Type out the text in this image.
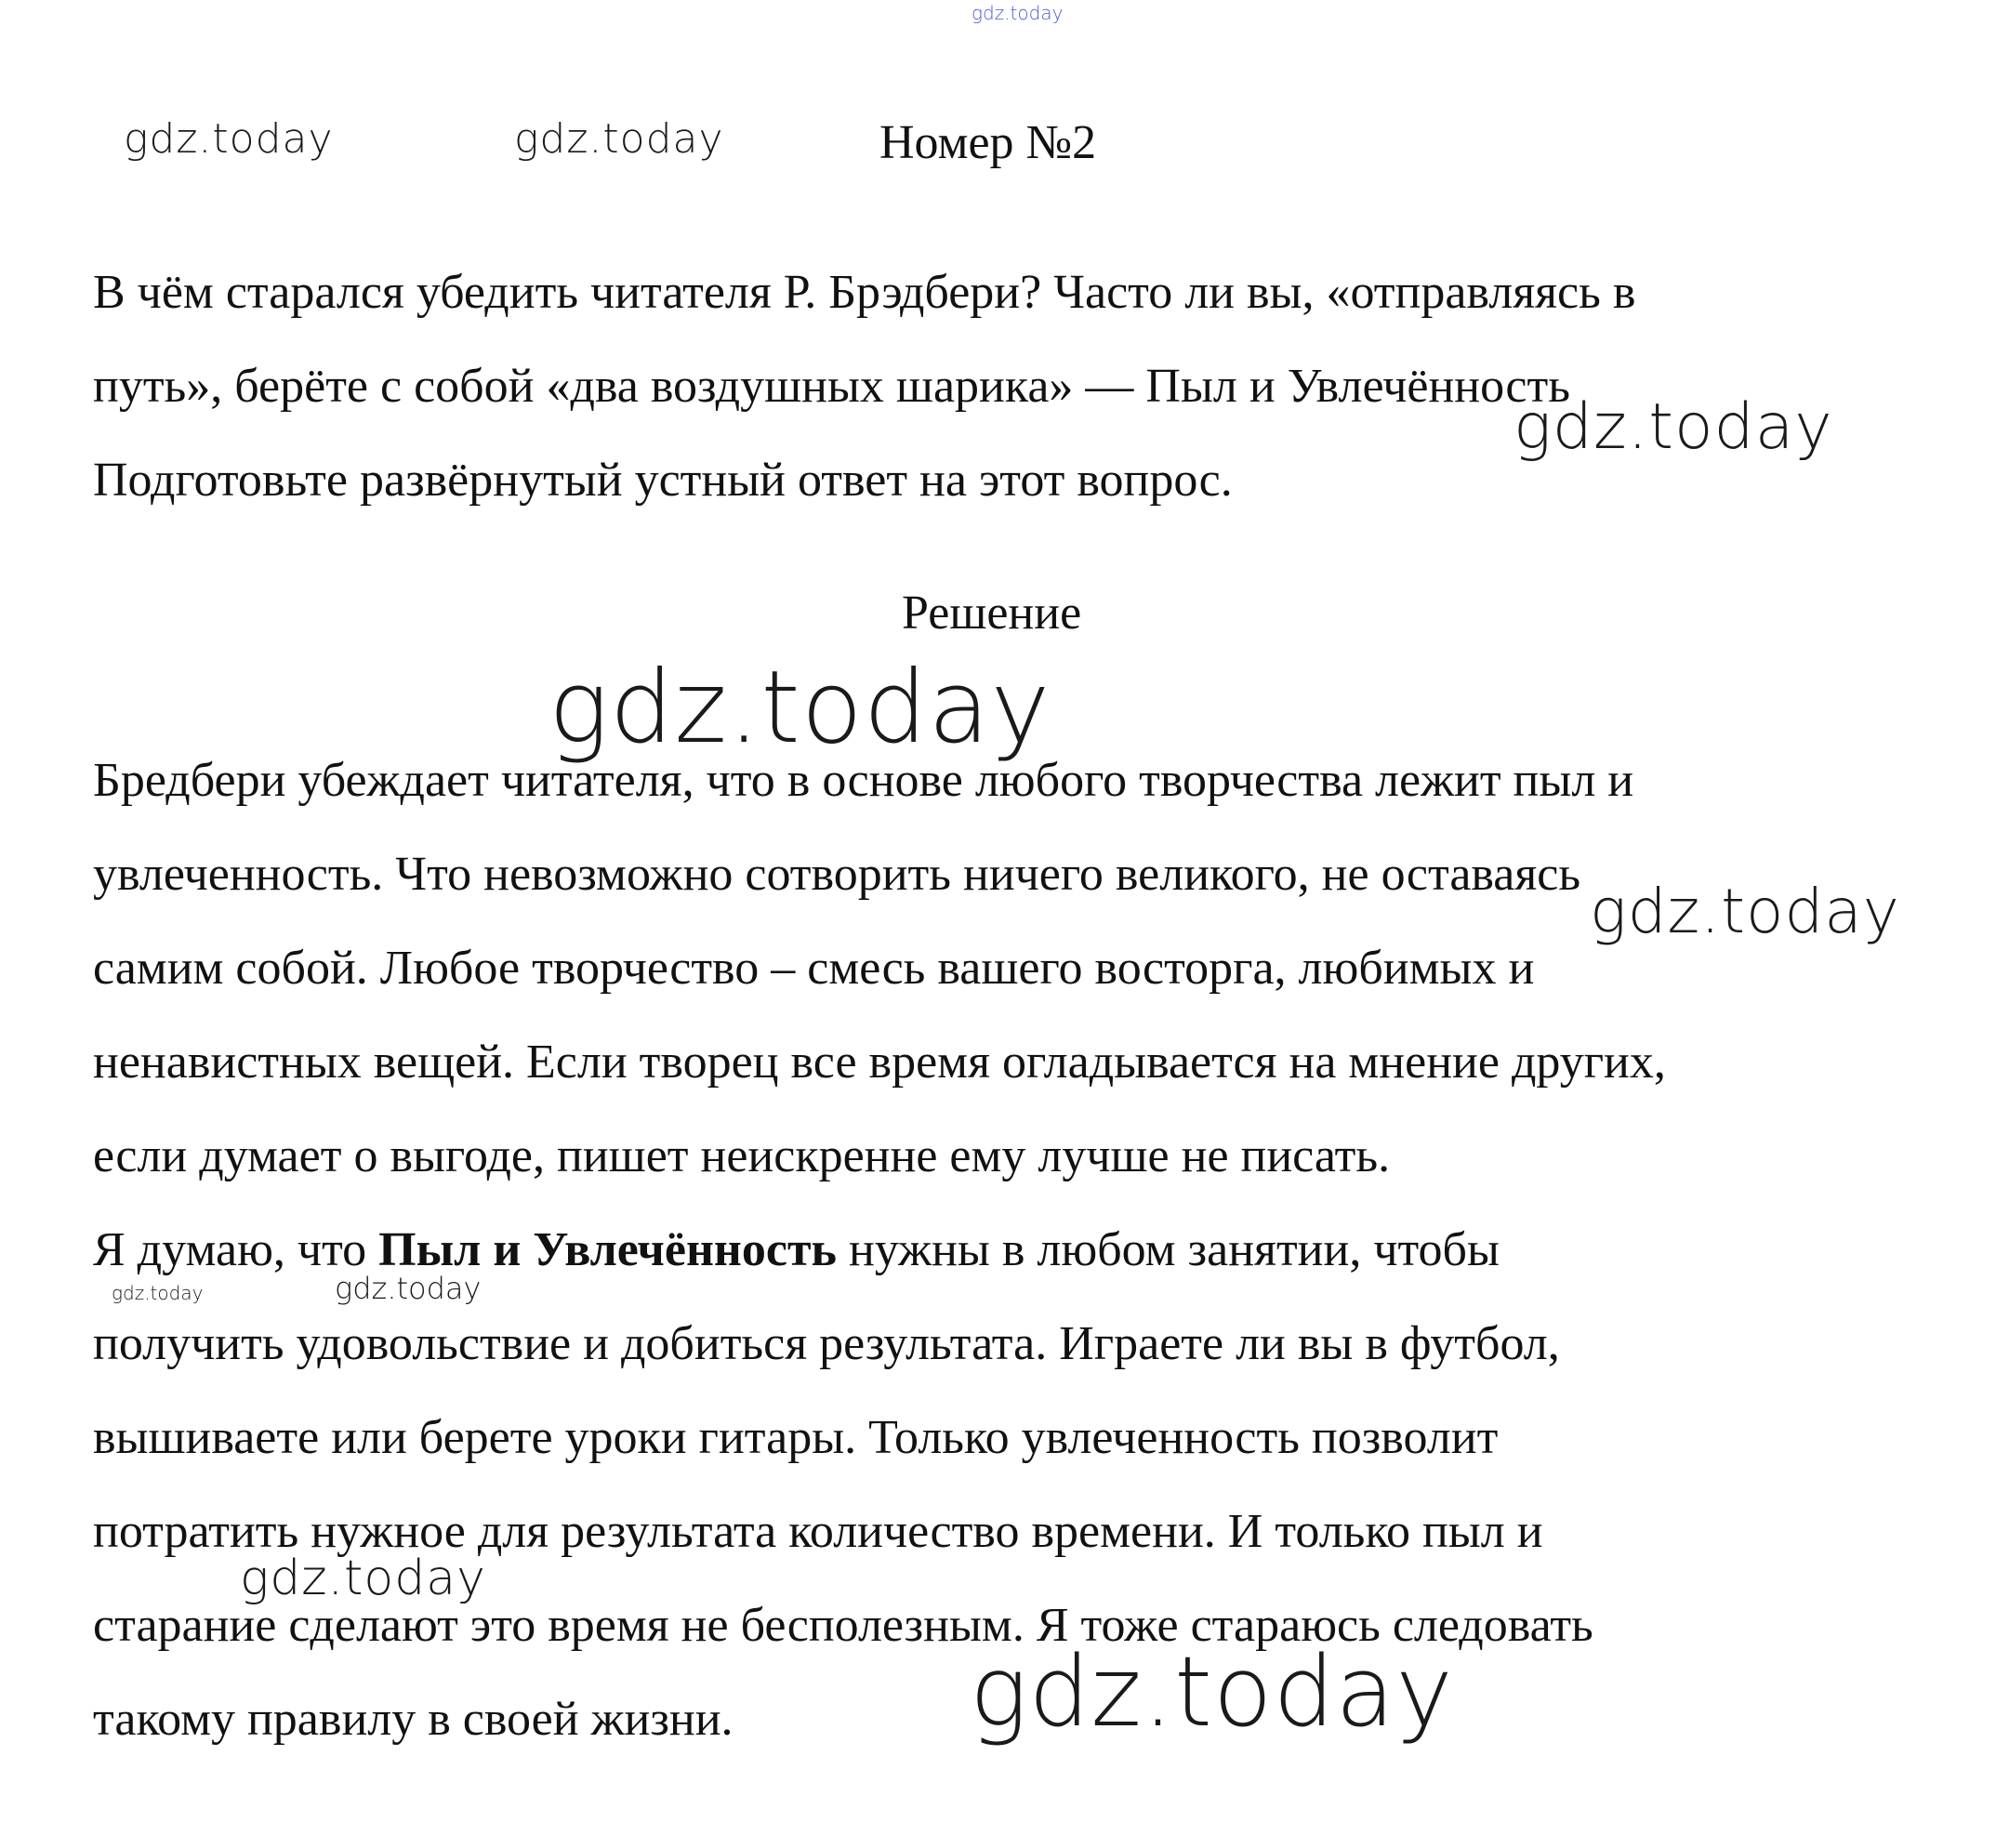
Номер №2
В чём старался убедить читателя Р. Брэдбери? Часто ли вы, «отправляясь в
путь», берёте с собой «два воздушных шарика» — Пыл и Увлечённость
Подготовьте развёрнутый устный ответ на этот вопрос.
Решение
Бредбери убеждает читателя, что в основе любого творчества лежит пыл и
увлеченность. Что невозможно сотворить ничего великого, не оставаясь
самим собой. Любое творчество – смесь вашего восторга, любимых и
ненавистных вещей. Если творец все время огладывается на мнение других,
если думает о выгоде, пишет неискренне ему лучше не писать.
Я думаю, что Пыл и Увлечённость нужны в любом занятии, чтобы
получить удовольствие и добиться результата. Играете ли вы в футбол,
вышиваете или берете уроки гитары. Только увлеченность позволит
потратить нужное для результата количество времени. И только пыл и
старание сделают это время не бесполезным. Я тоже стараюсь следовать
такому правилу в своей жизни.
gdz.today
gdz.today	gdz.today
gdz.today
gdz.today
gdz.today
gdz.today	gdz.today
gdz.today
gdz.today
